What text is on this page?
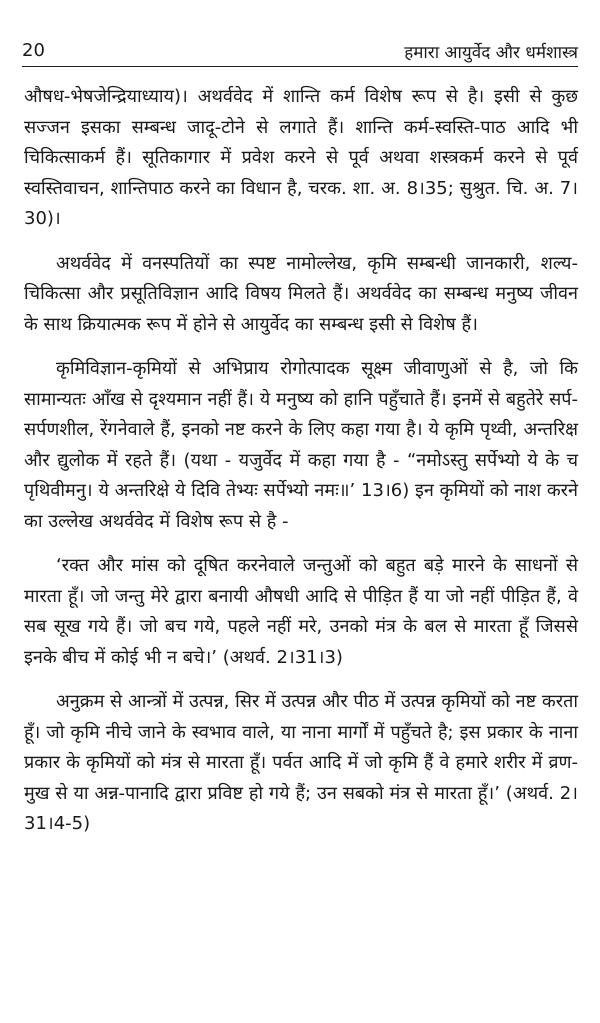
20	हमारा आयुर्वेद और धर्मशास्त्र

औषध-भेषजेन्द्रियाध्याय)। अथर्ववेद में शान्ति कर्म विशेष रूप से है। इसी से कुछ सज्जन इसका सम्बन्ध जादू-टोने से लगाते हैं। शान्ति कर्म-स्वस्ति-पाठ आदि भी चिकित्साकर्म हैं। सूतिकागार में प्रवेश करने से पूर्व अथवा शस्त्रकर्म करने से पूर्व स्वस्तिवाचन, शान्तिपाठ करने का विधान है, चरक. शा. अ. 8।35; सुश्रुत. चि. अ. 7।30)।

अथर्ववेद में वनस्पतियों का स्पष्ट नामोल्लेख, कृमि सम्बन्धी जानकारी, शल्य-चिकित्सा और प्रसूतिविज्ञान आदि विषय मिलते हैं। अथर्ववेद का सम्बन्ध मनुष्य जीवन के साथ क्रियात्मक रूप में होने से आयुर्वेद का सम्बन्ध इसी से विशेष हैं।

कृमिविज्ञान-कृमियों से अभिप्राय रोगोत्पादक सूक्ष्म जीवाणुओं से है, जो कि सामान्यतः आँख से दृश्यमान नहीं हैं। ये मनुष्य को हानि पहुँचाते हैं। इनमें से बहुतेरे सर्प-सर्पणशील, रेंगनेवाले हैं, इनको नष्ट करने के लिए कहा गया है। ये कृमि पृथ्वी, अन्तरिक्ष और द्युलोक में रहते हैं। (यथा - यजुर्वेद में कहा गया है - “नमोऽस्तु सर्पेभ्यो ये के च पृथिवीमनु। ये अन्तरिक्षे ये दिवि तेभ्यः सर्पेभ्यो नमः॥’ 13।6) इन कृमियों को नाश करने का उल्लेख अथर्ववेद में विशेष रूप से है -

‘रक्त और मांस को दूषित करनेवाले जन्तुओं को बहुत बड़े मारने के साधनों से मारता हूँ। जो जन्तु मेरे द्वारा बनायी औषधी आदि से पीड़ित हैं या जो नहीं पीड़ित हैं, वे सब सूख गये हैं। जो बच गये, पहले नहीं मरे, उनको मंत्र के बल से मारता हूँ जिससे इनके बीच में कोई भी न बचे।’ (अथर्व. 2।31।3)

अनुक्रम से आन्त्रों में उत्पन्न, सिर में उत्पन्न और पीठ में उत्पन्न कृमियों को नष्ट करता हूँ। जो कृमि नीचे जाने के स्वभाव वाले, या नाना मार्गों में पहुँचते है; इस प्रकार के नाना प्रकार के कृमियों को मंत्र से मारता हूँ। पर्वत आदि में जो कृमि हैं वे हमारे शरीर में व्रण-मुख से या अन्न-पानादि द्वारा प्रविष्ट हो गये हैं; उन सबको मंत्र से मारता हूँ।’ (अथर्व. 2।31।4-5)
